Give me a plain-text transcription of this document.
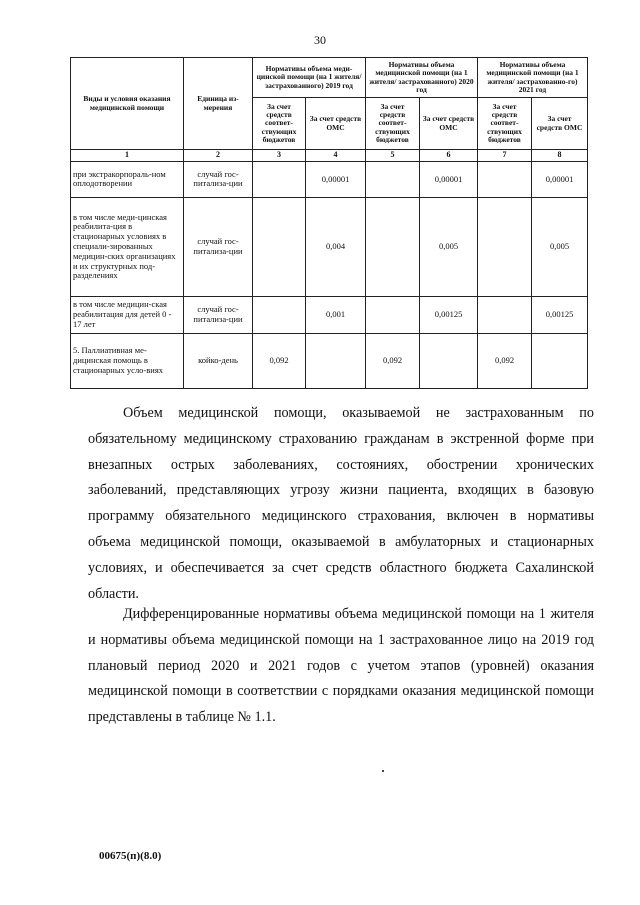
30
Виды и условия оказания медицинской помощи	Единица из-мерения	Нормативы объема меди-цинской помощи (на 1 жителя/ застрахованного) 2019 год		Нормативы объема медицинской помощи (на 1 жителя/ застрахованного) 2020 год		Нормативы объема медицинской помощи (на 1 жителя/ застрахованно-го) 2021 год	
		За счет средств соответ-ствующих бюджетов	За счет средств ОМС	За счет средств соответ-ствующих бюджетов	За счет средств ОМС	За счет средств соответ-ствующих бюджетов	За счет средств ОМС
1	2	3	4	5	6	7	8
при экстракорпораль-ном оплодотворении	случай гос-питализа-ции		0,00001		0,00001		0,00001
в том числе меди-цинская реабилита-ция в стационарных условиях в специали-зированных медицин-ских организациях и их структурных под-разделениях	случай гос-питализа-ции		0,004		0,005		0,005
в том числе медицин-ская реабилитация для детей 0 - 17 лет	случай гос-питализа-ции		0,001		0,00125		0,00125
5. Паллиативная ме-дицинская помощь в стационарных усло-виях	койко-день	0,092		0,092		0,092	

Объем медицинской помощи, оказываемой не застрахованным по обязательному медицинскому страхованию гражданам в экстренной форме при внезапных острых заболеваниях, состояниях, обострении хронических заболеваний, представляющих угрозу жизни пациента, входящих в базовую программу обязательного медицинского страхования, включен в нормативы объема медицинской помощи, оказываемой в амбулаторных и стационарных условиях, и обеспечивается за счет средств областного бюджета Сахалинской области.

Дифференцированные нормативы объема медицинской помощи на 1 жителя и нормативы объема медицинской помощи на 1 застрахованное лицо на 2019 год плановый период 2020 и 2021 годов с учетом этапов (уровней) оказания медицинской помощи в соответствии с порядками оказания медицинской помощи представлены в таблице № 1.1.

00675(п)(8.0)
